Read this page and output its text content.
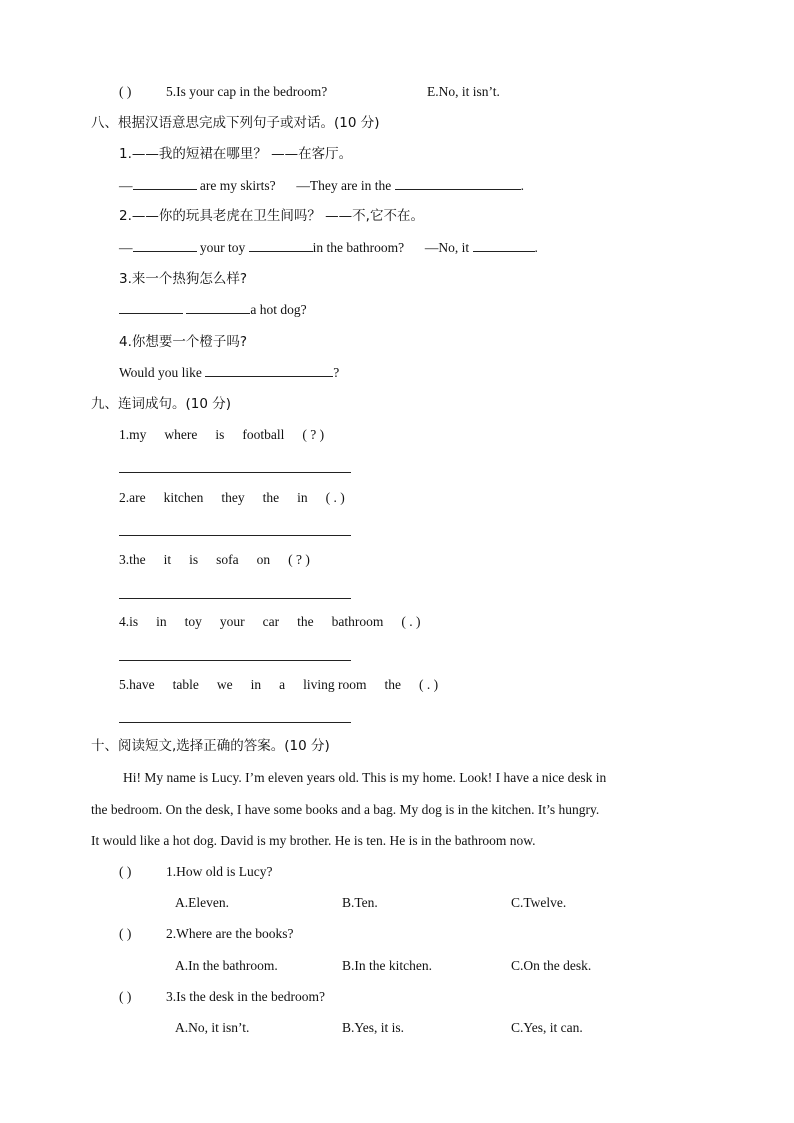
( )	5.Is your cap in the bedroom?	E.No, it isn’t.
八、根据汉语意思完成下列句子或对话。(10 分)
1.——我的短裙在哪里？ ——在客厅。
—	are my skirts? —They are in the	.
2.——你的玩具老虎在卫生间吗？ ——不,它不在。
—	your toy	in the bathroom? —No, it	.
3.来一个热狗怎么样?
a hot dog?
4.你想要一个橙子吗?
Would you like	?
九、连词成句。(10 分)
1.my where is football ( ? )
2.are kitchen they the in ( . )
3.the it is sofa on ( ? )
4.is in toy your car the bathroom ( . )
5.have table we in a living room the ( . )
十、阅读短文,选择正确的答案。(10 分)
Hi! My name is Lucy. I’m eleven years old. This is my home. Look! I have a nice desk in
the bedroom. On the desk, I have some books and a bag. My dog is in the kitchen. It’s hungry.
It would like a hot dog. David is my brother. He is ten. He is in the bathroom now.
( )	1.How old is Lucy?
A.Eleven.	B.Ten.	C.Twelve.
( )	2.Where are the books?
A.In the bathroom.	B.In the kitchen.	C.On the desk.
( )	3.Is the desk in the bedroom?
A.No, it isn’t.	B.Yes, it is.	C.Yes, it can.
